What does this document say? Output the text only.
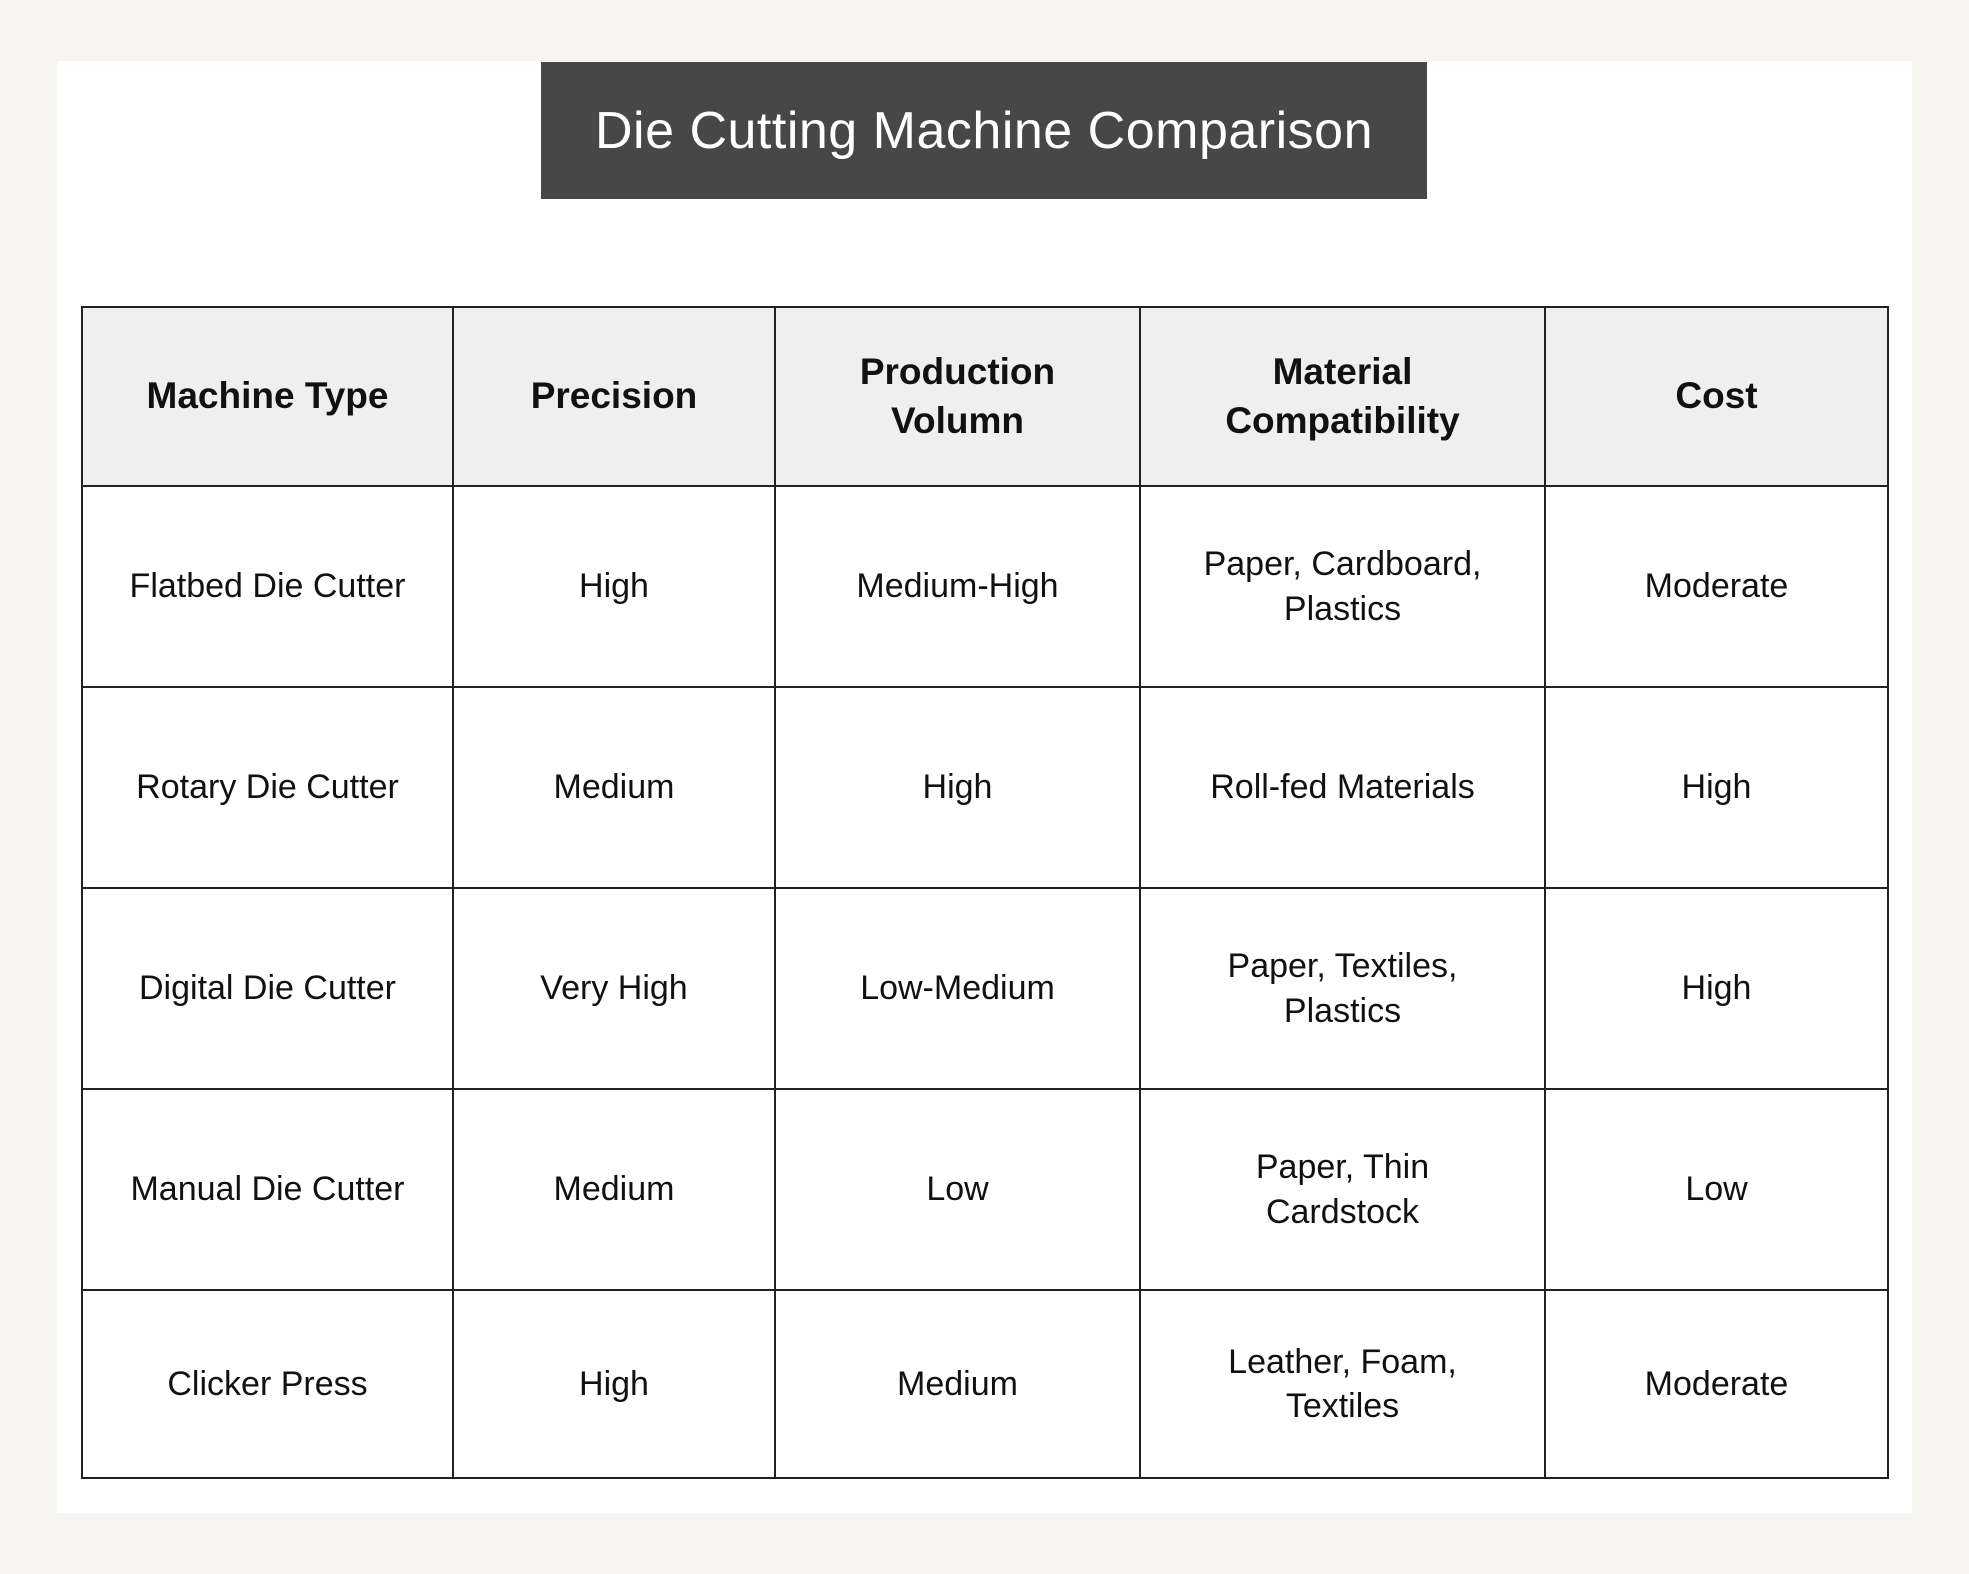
Die Cutting Machine Comparison
Machine Type	Precision	Production Volumn	Material Compatibility	Cost
Flatbed Die Cutter	High	Medium-High	Paper, Cardboard, Plastics	Moderate
Rotary Die Cutter	Medium	High	Roll-fed Materials	High
Digital Die Cutter	Very High	Low-Medium	Paper, Textiles, Plastics	High
Manual Die Cutter	Medium	Low	Paper, Thin Cardstock	Low
Clicker Press	High	Medium	Leather, Foam, Textiles	Moderate
